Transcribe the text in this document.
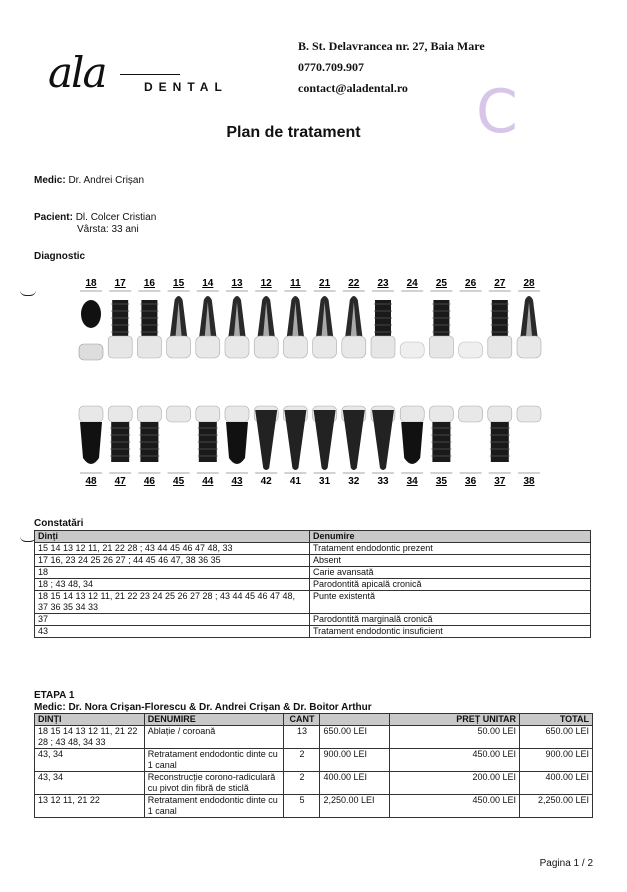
ala	DENTAL
B. St. Delavrancea nr. 27, Baia Mare
0770.709.907
contact@aladental.ro	C
Plan de tratament
Medic: Dr. Andrei Crișan
Pacient: Dl. Colcer Cristian
Vârsta: 33 ani
Diagnostic
18 17 16 15 14 13 12 11 21 22 23 24 25 26 27 28
48 47 46 45 44 43 42 41 31 32 33 34 35 36 37 38
Constatări
Dinți	Denumire
15 14 13 12 11, 21 22 28 ; 43 44 45 46 47 48, 33	Tratament endodontic prezent
17 16, 23 24 25 26 27 ; 44 45 46 47, 38 36 35	Absent
18	Carie avansată
18 ; 43 48, 34	Parodontită apicală cronică
18 15 14 13 12 11, 21 22 23 24 25 26 27 28 ; 43 44 45 46 47 48, 37 36 35 34 33	Punte existentă
37	Parodontită marginală cronică
43	Tratament endodontic insuficient
ETAPA 1
Medic: Dr. Nora Crișan-Florescu & Dr. Andrei Crișan & Dr. Boitor Arthur
DINȚI	DENUMIRE	CANT		PREȚ UNITAR	TOTAL
18 15 14 13 12 11, 21 22 28 ; 43 48, 34 33	Ablație / coroană	13	650.00 LEI	50.00 LEI	650.00 LEI
43, 34	Retratament endodontic dinte cu 1 canal	2	900.00 LEI	450.00 LEI	900.00 LEI
43, 34	Reconstrucție corono-radiculară cu pivot din fibră de sticlă	2	400.00 LEI	200.00 LEI	400.00 LEI
13 12 11, 21 22	Retratament endodontic dinte cu 1 canal	5	2,250.00 LEI	450.00 LEI	2,250.00 LEI
Pagina 1 / 2
